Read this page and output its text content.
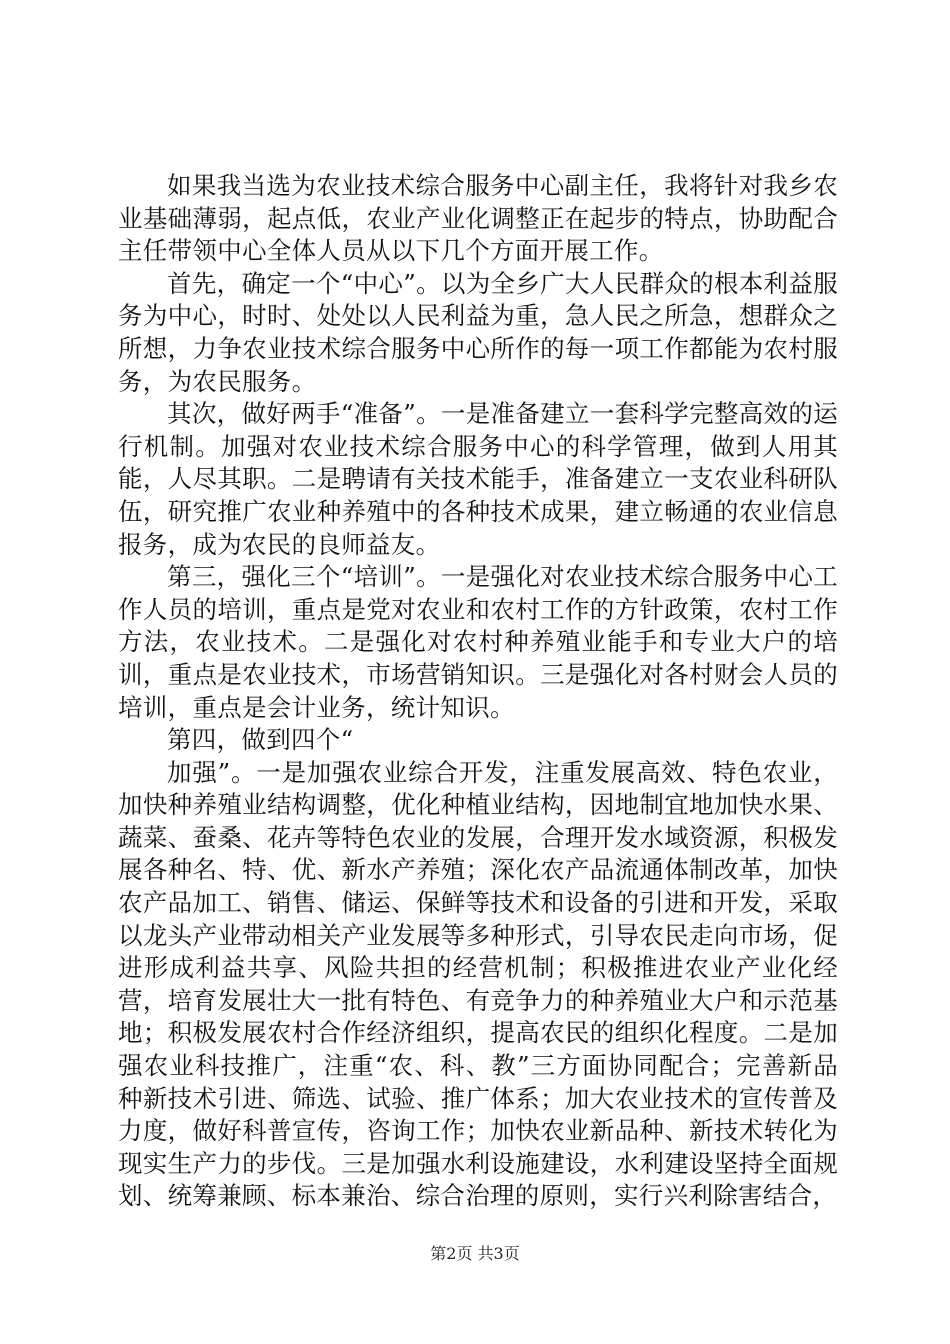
如果我当选为农业技术综合服务中心副主任，我将针对我乡农业基础薄弱，起点低，农业产业化调整正在起步的特点，协助配合主任带领中心全体人员从以下几个方面开展工作。

首先，确定一个“中心”。以为全乡广大人民群众的根本利益服务为中心，时时、处处以人民利益为重，急人民之所急，想群众之所想，力争农业技术综合服务中心所作的每一项工作都能为农村服务，为农民服务。

其次，做好两手“准备”。一是准备建立一套科学完整高效的运行机制。加强对农业技术综合服务中心的科学管理，做到人用其能，人尽其职。二是聘请有关技术能手，准备建立一支农业科研队伍，研究推广农业种养殖中的各种技术成果，建立畅通的农业信息报务，成为农民的良师益友。

第三，强化三个“培训”。一是强化对农业技术综合服务中心工作人员的培训，重点是党对农业和农村工作的方针政策，农村工作方法，农业技术。二是强化对农村种养殖业能手和专业大户的培训，重点是农业技术，市场营销知识。三是强化对各村财会人员的培训，重点是会计业务，统计知识。

第四，做到四个“

加强”。一是加强农业综合开发，注重发展高效、特色农业，加快种养殖业结构调整，优化种植业结构，因地制宜地加快水果、蔬菜、蚕桑、花卉等特色农业的发展，合理开发水域资源，积极发展各种名、特、优、新水产养殖；深化农产品流通体制改革，加快农产品加工、销售、储运、保鲜等技术和设备的引进和开发，采取以龙头产业带动相关产业发展等多种形式，引导农民走向市场，促进形成利益共享、风险共担的经营机制；积极推进农业产业化经营，培育发展壮大一批有特色、有竞争力的种养殖业大户和示范基地；积极发展农村合作经济组织，提高农民的组织化程度。二是加强农业科技推广，注重“农、科、教”三方面协同配合；完善新品种新技术引进、筛选、试验、推广体系；加大农业技术的宣传普及力度，做好科普宣传，咨询工作；加快农业新品种、新技术转化为现实生产力的步伐。三是加强水利设施建设，水利建设坚持全面规划、统筹兼顾、标本兼治、综合治理的原则，实行兴利除害结合，

第2页 共3页
